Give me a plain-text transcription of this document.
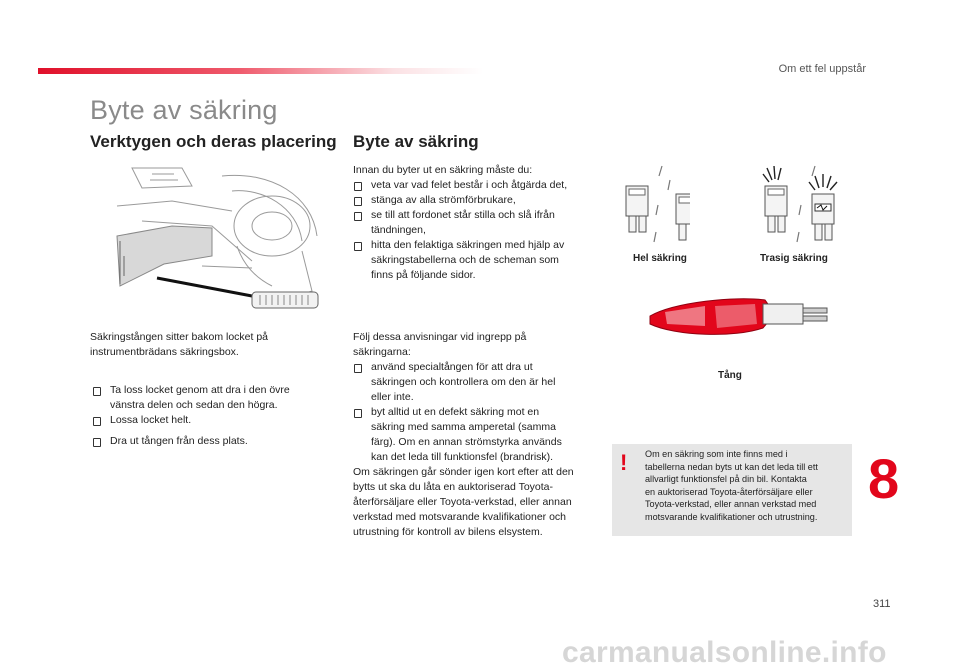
Om ett fel uppstår
Byte av säkring
Verktygen och deras placering
Säkringstången sitter bakom locket på
instrumentbrädans säkringsbox.
Ta loss locket genom att dra i den övre
vänstra delen och sedan den högra.
Lossa locket helt.
Dra ut tången från dess plats.
Byte av säkring
Innan du byter ut en säkring måste du:
veta var vad felet består i och åtgärda det,
stänga av alla strömförbrukare,
se till att fordonet står stilla och slå ifrån
tändningen,
hitta den felaktiga säkringen med hjälp av
säkringstabellerna och de scheman som
finns på följande sidor.
Följ dessa anvisningar vid ingrepp på
säkringarna:
använd specialtången för att dra ut
säkringen och kontrollera om den är hel
eller inte.
byt alltid ut en defekt säkring mot en
säkring med samma amperetal (samma
färg). Om en annan strömstyrka används
kan det leda till funktionsfel (brandrisk).
Om säkringen går sönder igen kort efter att den
bytts ut ska du låta en auktoriserad Toyota-
återförsäljare eller Toyota-verkstad, eller annan
verkstad med motsvarande kvalifikationer och
utrustning för kontroll av bilens elsystem.
Hel säkring	Trasig säkring
Tång
!	Om en säkring som inte finns med i
tabellerna nedan byts ut kan det leda till ett
allvarligt funktionsfel på din bil. Kontakta
en auktoriserad Toyota-återförsäljare eller
Toyota-verkstad, eller annan verkstad med
motsvarande kvalifikationer och utrustning.
8
311
carmanualsonline.info
